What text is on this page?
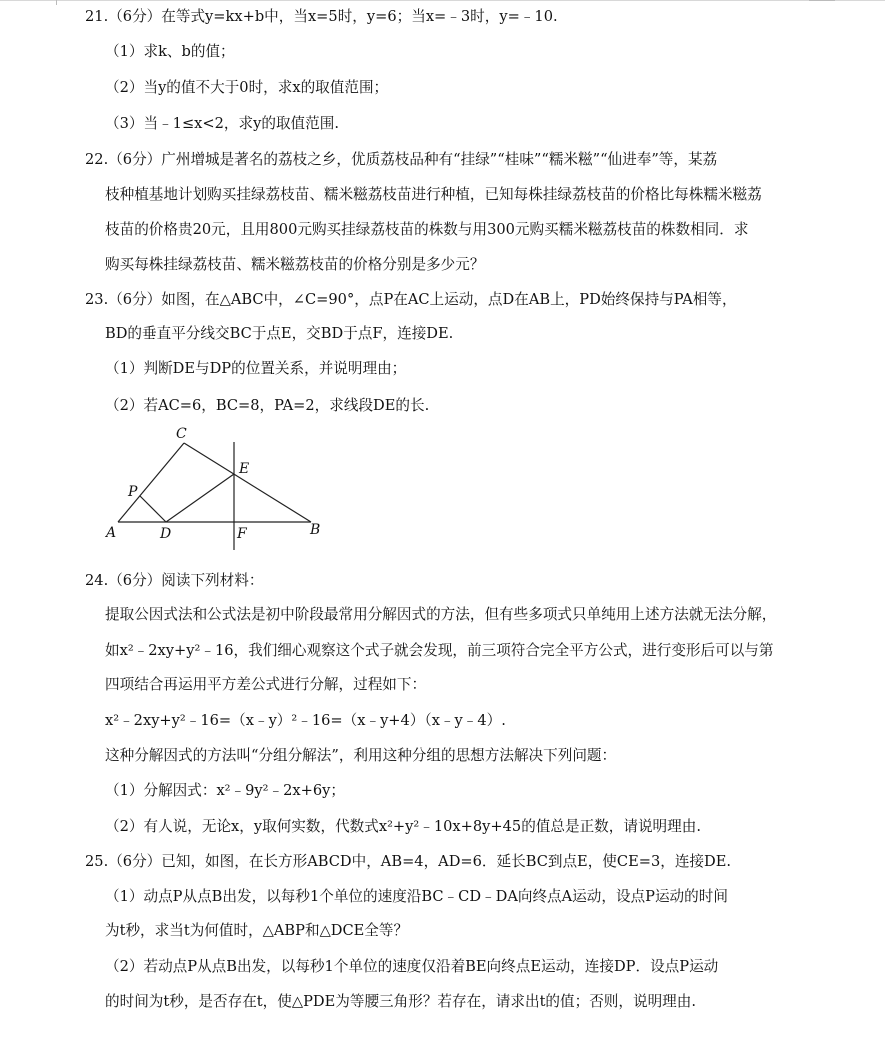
21.（6分）在等式y=kx+b中，当x=5时，y=6；当x=﹣3时，y=﹣10.
（1）求k、b的值；
（2）当y的值不大于0时，求x的取值范围；
（3）当﹣1≤x<2，求y的取值范围.
22.（6分）广州增城是著名的荔枝之乡，优质荔枝品种有“挂绿”“桂味”“糯米糍”“仙进奉”等，某荔
枝种植基地计划购买挂绿荔枝苗、糯米糍荔枝苗进行种植，已知每株挂绿荔枝苗的价格比每株糯米糍荔
枝苗的价格贵20元，且用800元购买挂绿荔枝苗的株数与用300元购买糯米糍荔枝苗的株数相同．求
购买每株挂绿荔枝苗、糯米糍荔枝苗的价格分别是多少元？
23.（6分）如图，在△ABC中，∠C=90°，点P在AC上运动，点D在AB上，PD始终保持与PA相等，
BD的垂直平分线交BC于点E，交BD于点F，连接DE.
（1）判断DE与DP的位置关系，并说明理由；
（2）若AC=6，BC=8，PA=2，求线段DE的长.
C
P
E
A	D	F	B
24.（6分）阅读下列材料：
提取公因式法和公式法是初中阶段最常用分解因式的方法，但有些多项式只单纯用上述方法就无法分解，
如x²﹣2xy+y²﹣16，我们细心观察这个式子就会发现，前三项符合完全平方公式，进行变形后可以与第
四项结合再运用平方差公式进行分解，过程如下：
x²﹣2xy+y²﹣16=（x﹣y）²﹣16=（x﹣y+4）（x﹣y﹣4）.
这种分解因式的方法叫“分组分解法”，利用这种分组的思想方法解决下列问题：
（1）分解因式：x²﹣9y²﹣2x+6y；
（2）有人说，无论x，y取何实数，代数式x²+y²﹣10x+8y+45的值总是正数，请说明理由.
25.（6分）已知，如图，在长方形ABCD中，AB=4，AD=6．延长BC到点E，使CE=3，连接DE.
（1）动点P从点B出发，以每秒1个单位的速度沿BC﹣CD﹣DA向终点A运动，设点P运动的时间
为t秒，求当t为何值时，△ABP和△DCE全等？
（2）若动点P从点B出发，以每秒1个单位的速度仅沿着BE向终点E运动，连接DP．设点P运动
的时间为t秒，是否存在t，使△PDE为等腰三角形？若存在，请求出t的值；否则，说明理由.
